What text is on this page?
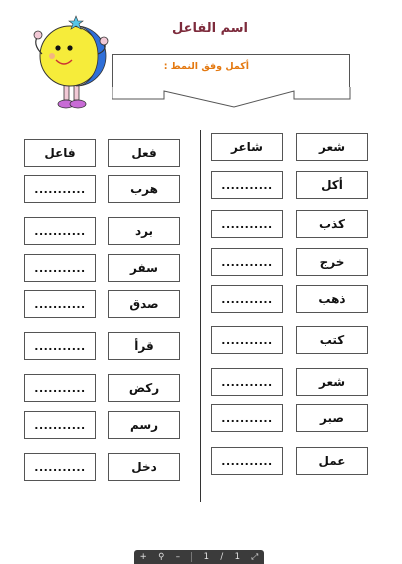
اسم الفاعل
أكمل وفق النمط :
شعر
شاعر
أكل
...........
كذب
...........
خرج
...........
ذهب
...........
كتب
...........
شعر
...........
صبر
...........
عمل
...........
فعل
فاعل
هرب
...........
برد
...........
سفر
...........
صدق
...........
قرأ
...........
ركض
...........
رسم
...........
دخل
...........
+ ⚲ –	1 / 1 ⤢
